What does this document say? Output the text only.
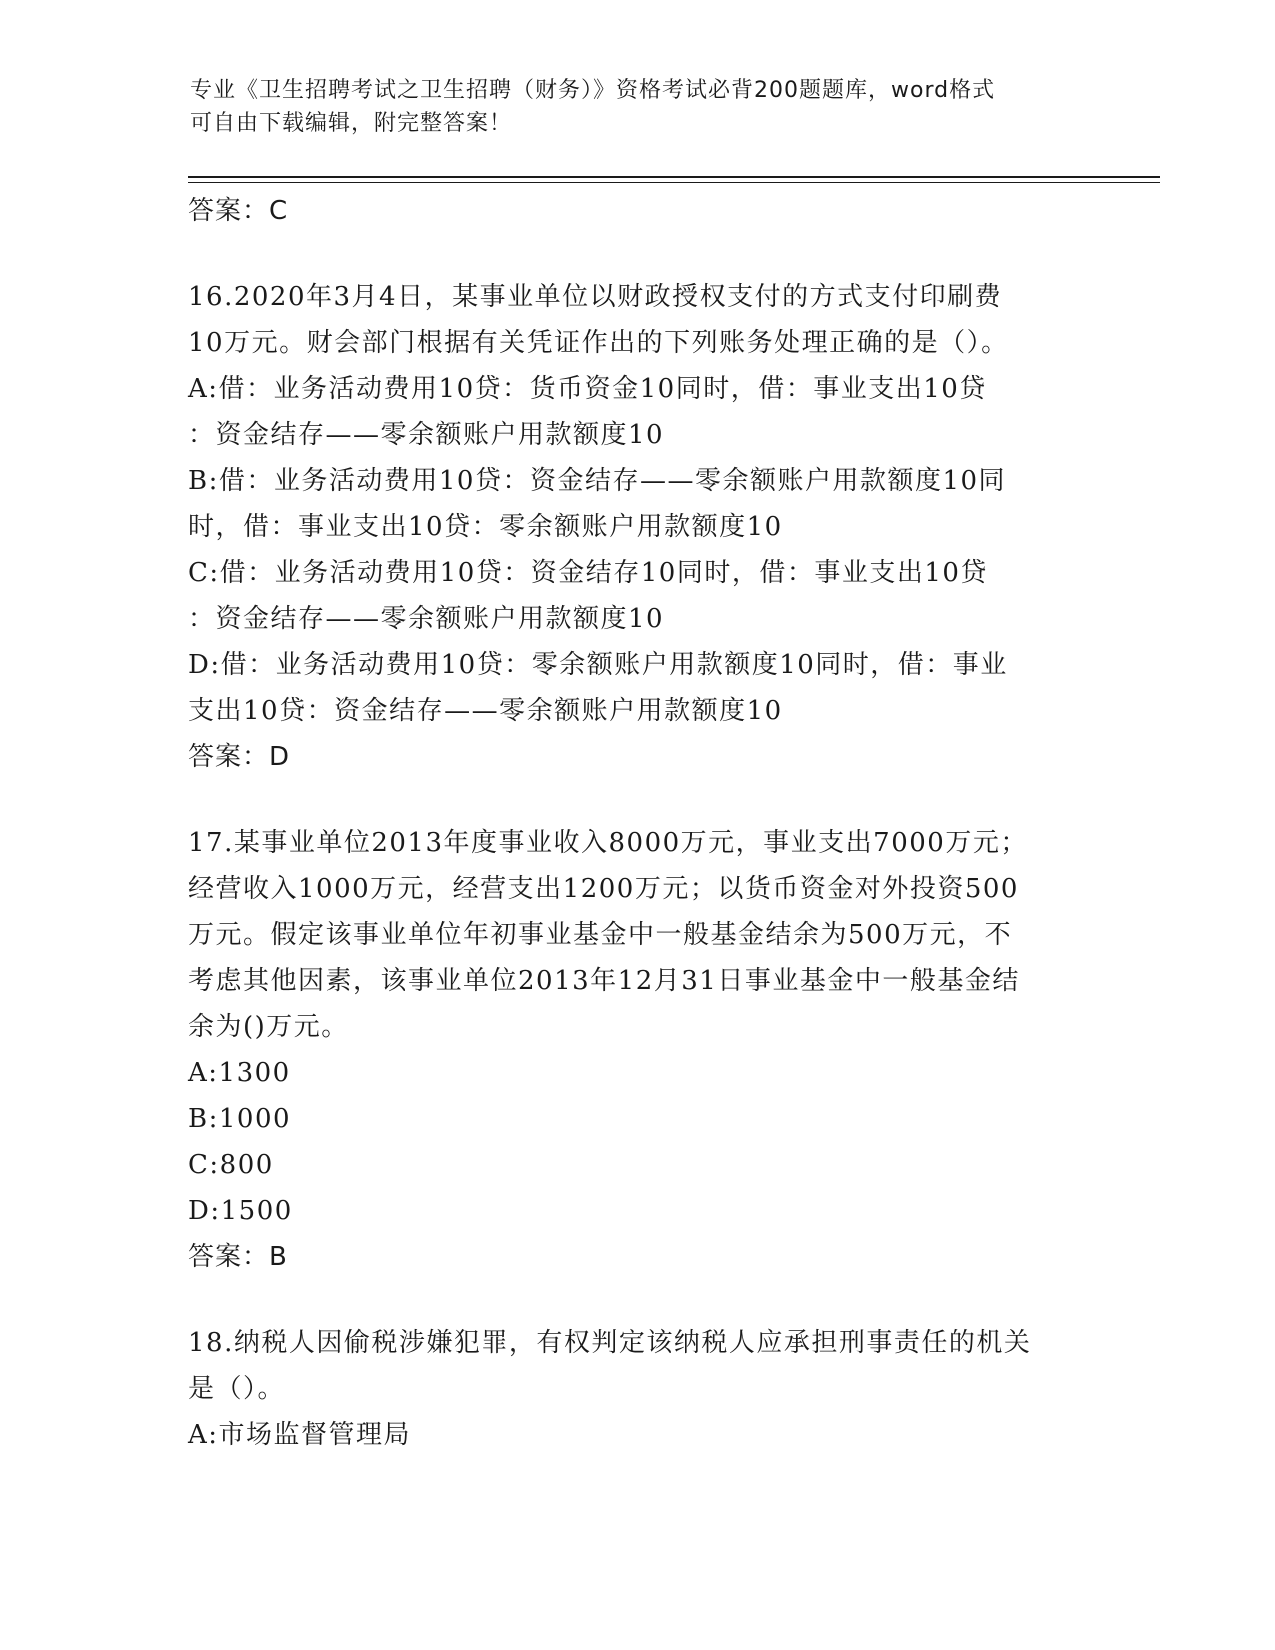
专业《卫生招聘考试之卫生招聘（财务）》资格考试必背200题题库，word格式
可自由下载编辑，附完整答案！
答案：C
16.2020年3月4日，某事业单位以财政授权支付的方式支付印刷费
10万元。财会部门根据有关凭证作出的下列账务处理正确的是（）。
A:借：业务活动费用10贷：货币资金10同时，借：事业支出10贷
：资金结存——零余额账户用款额度10
B:借：业务活动费用10贷：资金结存——零余额账户用款额度10同
时，借：事业支出10贷：零余额账户用款额度10
C:借：业务活动费用10贷：资金结存10同时，借：事业支出10贷
：资金结存——零余额账户用款额度10
D:借：业务活动费用10贷：零余额账户用款额度10同时，借：事业
支出10贷：资金结存——零余额账户用款额度10
答案：D
17.某事业单位2013年度事业收入8000万元，事业支出7000万元；
经营收入1000万元，经营支出1200万元；以货币资金对外投资500
万元。假定该事业单位年初事业基金中一般基金结余为500万元，不
考虑其他因素，该事业单位2013年12月31日事业基金中一般基金结
余为()万元。
A:1300
B:1000
C:800
D:1500
答案：B
18.纳税人因偷税涉嫌犯罪，有权判定该纳税人应承担刑事责任的机关
是（）。
A:市场监督管理局
